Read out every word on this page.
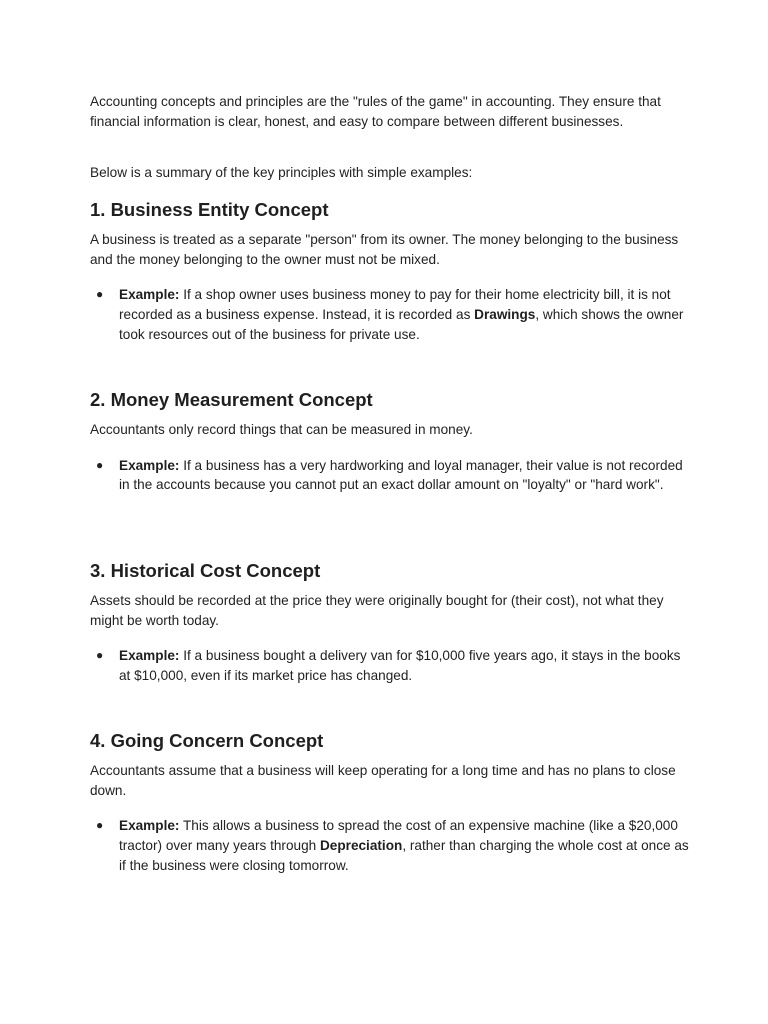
Accounting concepts and principles are the "rules of the game" in accounting. They ensure that financial information is clear, honest, and easy to compare between different businesses.

Below is a summary of the key principles with simple examples:

1. Business Entity Concept

A business is treated as a separate "person" from its owner. The money belonging to the business and the money belonging to the owner must not be mixed.

● Example: If a shop owner uses business money to pay for their home electricity bill, it is not recorded as a business expense. Instead, it is recorded as Drawings, which shows the owner took resources out of the business for private use.
2. Money Measurement Concept

Accountants only record things that can be measured in money.

● Example: If a business has a very hardworking and loyal manager, their value is not recorded in the accounts because you cannot put an exact dollar amount on "loyalty" or "hard work".
3. Historical Cost Concept

Assets should be recorded at the price they were originally bought for (their cost), not what they might be worth today.

● Example: If a business bought a delivery van for $10,000 five years ago, it stays in the books at $10,000, even if its market price has changed.
4. Going Concern Concept

Accountants assume that a business will keep operating for a long time and has no plans to close down.

● Example: This allows a business to spread the cost of an expensive machine (like a $20,000 tractor) over many years through Depreciation, rather than charging the whole cost at once as if the business were closing tomorrow.
